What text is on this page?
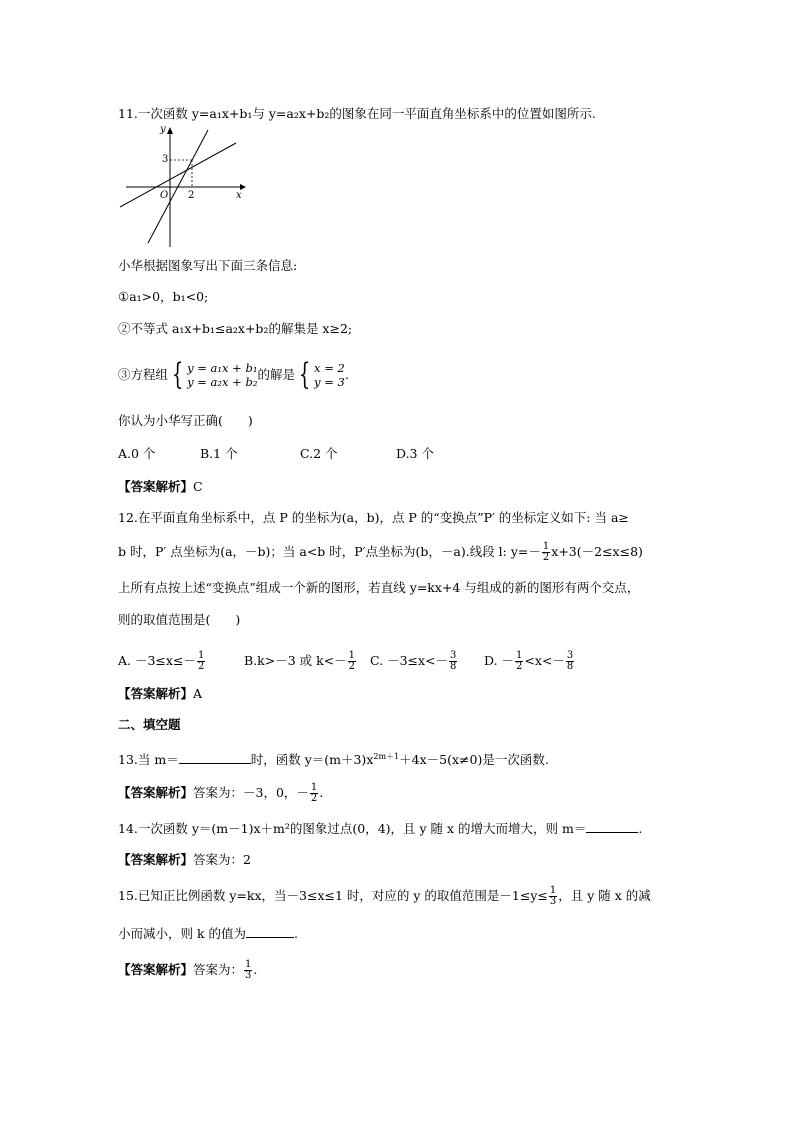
11.一次函数 y=a₁x+b₁与 y=a₂x+b₂的图象在同一平面直角坐标系中的位置如图所示.
y
x
O
3
2
小华根据图象写出下面三条信息:
①a₁>0，b₁<0;
②不等式 a₁x+b₁≤a₂x+b₂的解集是 x≥2;
③方程组 { y = a₁x + b₁
y = a₂x + b₂ 的解是 { x = 2
y = 3 .
你认为小华写正确(　　)
A.0 个	B.1 个	C.2 个	D.3 个
【答案解析】C
12.在平面直角坐标系中，点 P 的坐标为(a，b)，点 P 的“变换点”P′ 的坐标定义如下: 当 a≥
b 时，P′ 点坐标为(a，－b)；当 a<b 时，P′点坐标为(b，－a).线段 l: $y=- \frac{1}{2} x+3(-2\le x\le 8)$
上所有点按上述“变换点”组成一个新的图形，若直线 y=kx+4 与组成的新的图形有两个交点，
则的取值范围是(　　)
A. $-3\le x\le- \frac{1}{2}$	B.k>－3 或 $k<- \frac{1}{2} C$. $-3\le x<- \frac{3}{8} D$. － $\frac{1}{2} <x<- \frac{3}{8}$
【答案解析】A
二、填空题
13.当 m＝	时，函数 $y=(m+3)x^{2m+1}+4x-5(x\ne 0)$是一次函数.
【答案解析】答案为：－3，0，－ $\frac{1}{2}$ .
14.一次函数 y＝(m－1)x＋m²的图象过点(0，4)，且 y 随 x 的增大而增大，则 m＝	.
【答案解析】答案为：2
15.已知正比例函数 y=kx，当－3≤x≤1 时，对应的 y 的取值范围是$-1\le y\le \frac{1}{3}$ ，且 y 随 x 的减
小而减小，则 k 的值为	.
【答案解析】答案为： $\frac{1}{3}$ .
